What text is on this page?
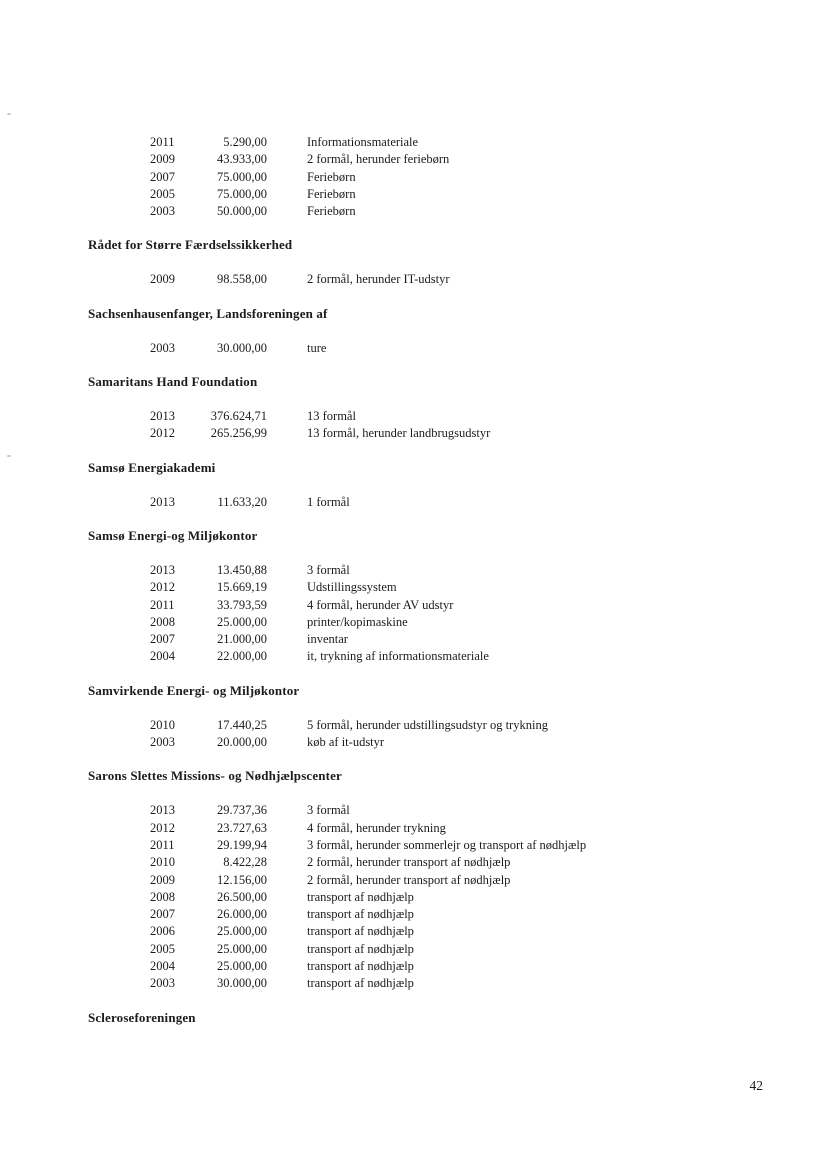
2011	5.290,00	Informationsmateriale
2009	43.933,00	2 formål, herunder feriebørn
2007	75.000,00	Feriebørn
2005	75.000,00	Feriebørn
2003	50.000,00	Feriebørn
Rådet for Større Færdselssikkerhed
2009	98.558,00	2 formål, herunder IT-udstyr
Sachsenhausenfanger, Landsforeningen af
2003	30.000,00	ture
Samaritans Hand Foundation
2013	376.624,71	13 formål
2012	265.256,99	13 formål, herunder landbrugsudstyr
Samsø Energiakademi
2013	11.633,20	1 formål
Samsø Energi-og Miljøkontor
2013	13.450,88	3 formål
2012	15.669,19	Udstillingssystem
2011	33.793,59	4 formål, herunder AV udstyr
2008	25.000,00	printer/kopimaskine
2007	21.000,00	inventar
2004	22.000,00	it, trykning af informationsmateriale
Samvirkende Energi- og Miljøkontor
2010	17.440,25	5 formål, herunder udstillingsudstyr og trykning
2003	20.000,00	køb af it-udstyr
Sarons Slettes Missions- og Nødhjælpscenter
2013	29.737,36	3 formål
2012	23.727,63	4 formål, herunder trykning
2011	29.199,94	3 formål, herunder sommerlejr og transport af nødhjælp
2010	8.422,28	2 formål, herunder transport af nødhjælp
2009	12.156,00	2 formål, herunder transport af nødhjælp
2008	26.500,00	transport af nødhjælp
2007	26.000,00	transport af nødhjælp
2006	25.000,00	transport af nødhjælp
2005	25.000,00	transport af nødhjælp
2004	25.000,00	transport af nødhjælp
2003	30.000,00	transport af nødhjælp
Scleroseforeningen
42
